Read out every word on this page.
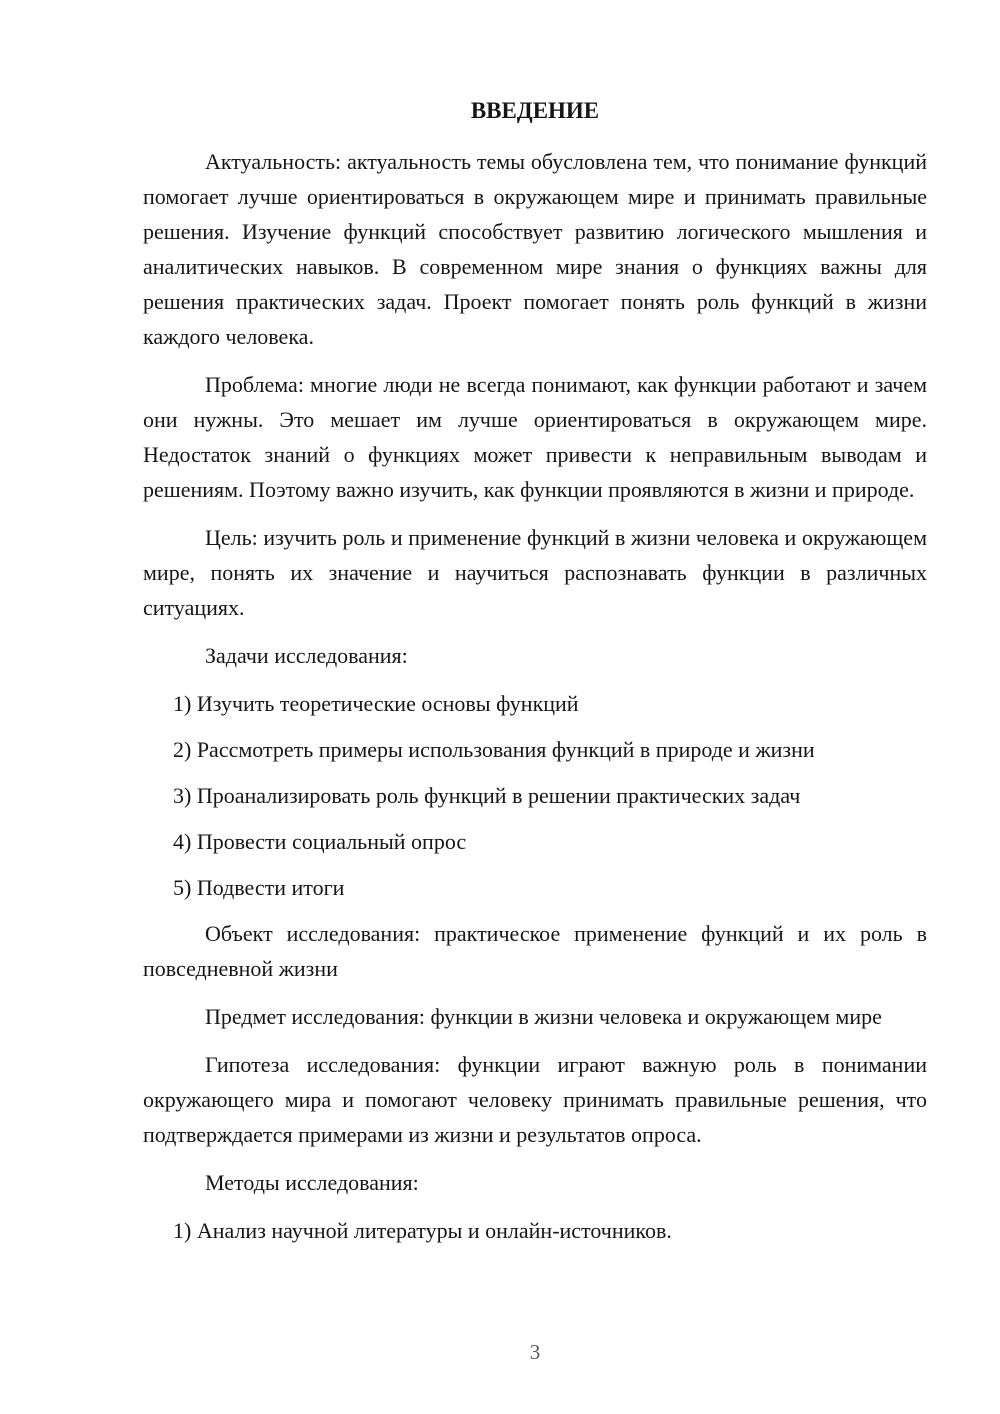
ВВЕДЕНИЕ

Актуальность: актуальность темы обусловлена тем, что понимание функций помогает лучше ориентироваться в окружающем мире и принимать правильные решения. Изучение функций способствует развитию логического мышления и аналитических навыков. В современном мире знания о функциях важны для решения практических задач. Проект помогает понять роль функций в жизни каждого человека.

Проблема: многие люди не всегда понимают, как функции работают и зачем они нужны. Это мешает им лучше ориентироваться в окружающем мире. Недостаток знаний о функциях может привести к неправильным выводам и решениям. Поэтому важно изучить, как функции проявляются в жизни и природе.

Цель: изучить роль и применение функций в жизни человека и окружающем мире, понять их значение и научиться распознавать функции в различных ситуациях.

Задачи исследования:

1) Изучить теоретические основы функций

2) Рассмотреть примеры использования функций в природе и жизни

3) Проанализировать роль функций в решении практических задач

4) Провести социальный опрос

5) Подвести итоги

Объект исследования: практическое применение функций и их роль в повседневной жизни

Предмет исследования: функции в жизни человека и окружающем мире

Гипотеза исследования: функции играют важную роль в понимании окружающего мира и помогают человеку принимать правильные решения, что подтверждается примерами из жизни и результатов опроса.

Методы исследования:

1) Анализ научной литературы и онлайн-источников.

3
